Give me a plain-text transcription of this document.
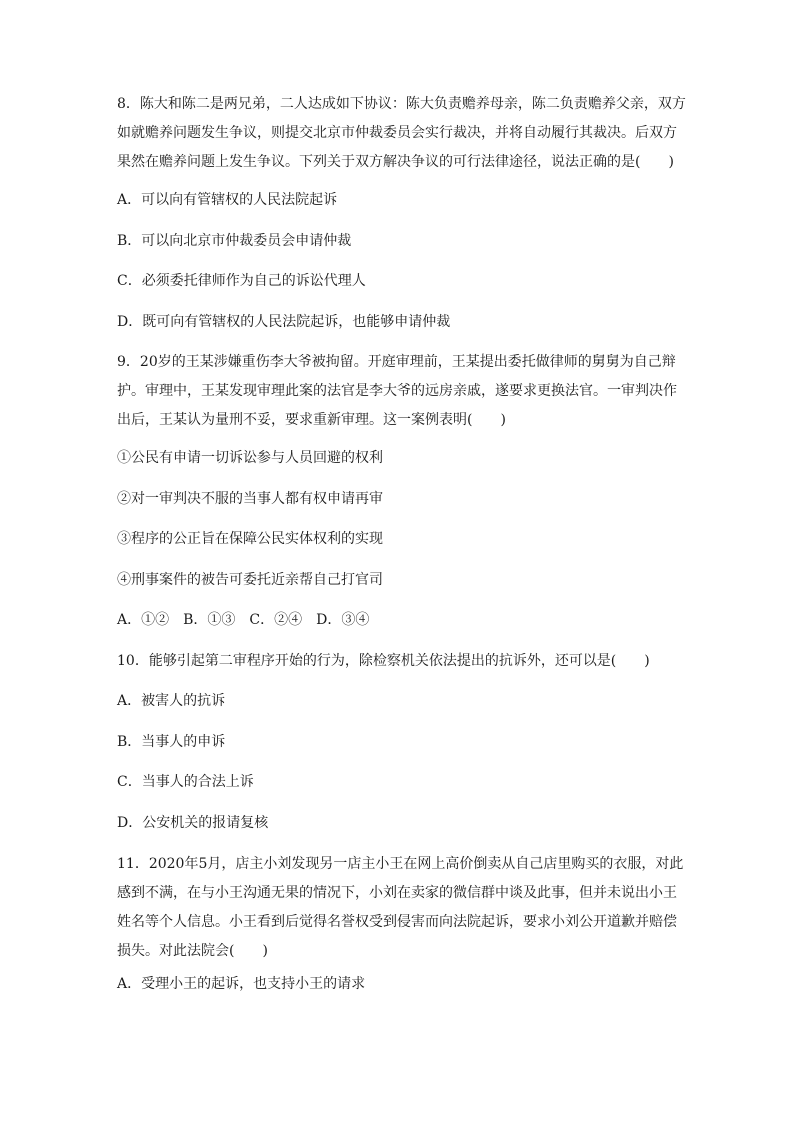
8．陈大和陈二是两兄弟，二人达成如下协议：陈大负责赡养母亲，陈二负责赡养父亲，双方
如就赡养问题发生争议，则提交北京市仲裁委员会实行裁决，并将自动履行其裁决。后双方
果然在赡养问题上发生争议。下列关于双方解决争议的可行法律途径，说法正确的是(　　)
A．可以向有管辖权的人民法院起诉
B．可以向北京市仲裁委员会申请仲裁
C．必须委托律师作为自己的诉讼代理人
D．既可向有管辖权的人民法院起诉，也能够申请仲裁
9．20岁的王某涉嫌重伤李大爷被拘留。开庭审理前，王某提出委托做律师的舅舅为自己辩
护。审理中，王某发现审理此案的法官是李大爷的远房亲戚，遂要求更换法官。一审判决作
出后，王某认为量刑不妥，要求重新审理。这一案例表明(　　)
①公民有申请一切诉讼参与人员回避的权利
②对一审判决不服的当事人都有权申请再审
③程序的公正旨在保障公民实体权利的实现
④刑事案件的被告可委托近亲帮自己打官司
A．①②　B．①③　C．②④　D．③④
10．能够引起第二审程序开始的行为，除检察机关依法提出的抗诉外，还可以是(　　)
A．被害人的抗诉
B．当事人的申诉
C．当事人的合法上诉
D．公安机关的报请复核
11．2020年5月，店主小刘发现另一店主小王在网上高价倒卖从自己店里购买的衣服，对此
感到不满，在与小王沟通无果的情况下，小刘在卖家的微信群中谈及此事，但并未说出小王
姓名等个人信息。小王看到后觉得名誉权受到侵害而向法院起诉，要求小刘公开道歉并赔偿
损失。对此法院会(　　)
A．受理小王的起诉，也支持小王的请求
